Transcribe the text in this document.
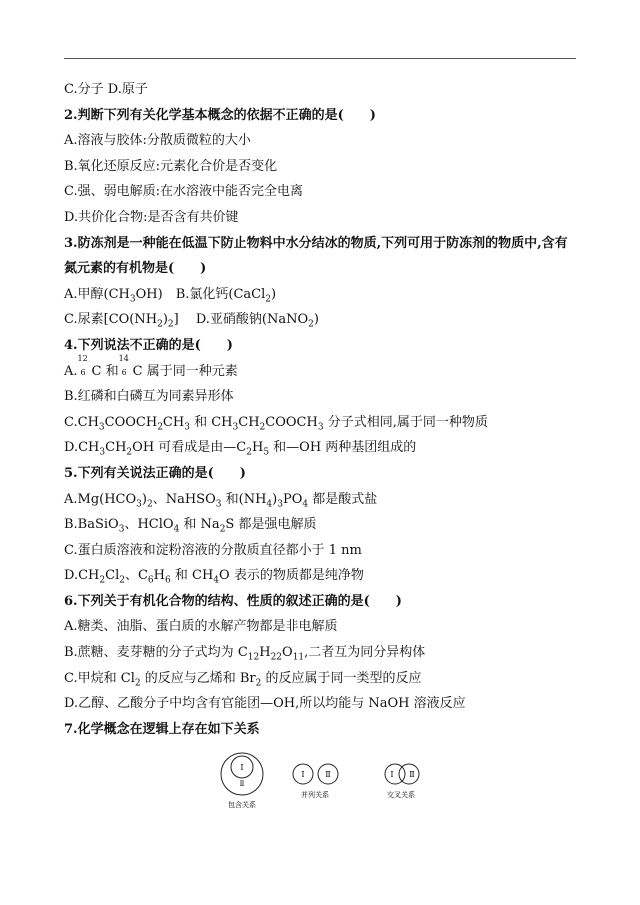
C.分子 D.原子
2.判断下列有关化学基本概念的依据不正确的是(　　)
A.溶液与胶体:分散质微粒的大小
B.氧化还原反应:元素化合价是否变化
C.强、弱电解质:在水溶液中能否完全电离
D.共价化合物:是否含有共价键
3.防冻剂是一种能在低温下防止物料中水分结冰的物质,下列可用于防冻剂的物质中,含有
氮元素的有机物是(　　)
A.甲醇$(CH_3OH)$　B.氯化钙(CaCl$_2$)
C.尿素$[CO(NH_2)_2]$　 D.亚硝酸钠(NaNO$_2$)
4.下列说法不正确的是(　　)
A.
12
6 C 和
14
6 C 属于同一种元素
B.红磷和白磷互为同素异形体
$C.CH_3COOCH_2CH_3$ 和 $CH_3CH_2COOCH_3$ 分子式相同,属于同一种物质
$D.CH_3CH_2OH$ 可看成是由$—C_2H_5$ 和—OH 两种基团组成的
5.下列有关说法正确的是(　　)
$A.Mg(HCO_3)_2$、NaHSO$_3$ 和$(NH_4)_3PO_4$ 都是酸式盐
B.BaSiO$_3$、HClO$_4$ 和 $Na_2S$ 都是强电解质
C.蛋白质溶液和淀粉溶液的分散质直径都小于 1 nm
$D.CH_2Cl_2$、$C_6H_6$ 和 $CH_4O$ 表示的物质都是纯净物
6.下列关于有机化合物的结构、性质的叙述正确的是(　　)
A.糖类、油脂、蛋白质的水解产物都是非电解质
B.蔗糖、麦芽糖的分子式均为 $C_{12}H_{22}O_{11}$,二者互为同分异构体
C.甲烷和 $Cl_2$ 的反应与乙烯和 $Br_2$ 的反应属于同一类型的反应
D.乙醇、乙酸分子中均含有官能团—OH,所以均能与 NaOH 溶液反应
7.化学概念在逻辑上存在如下关系
Ⅰ
Ⅱ
包含关系
Ⅰ	Ⅱ
并列关系
Ⅰ Ⅱ
交叉关系
